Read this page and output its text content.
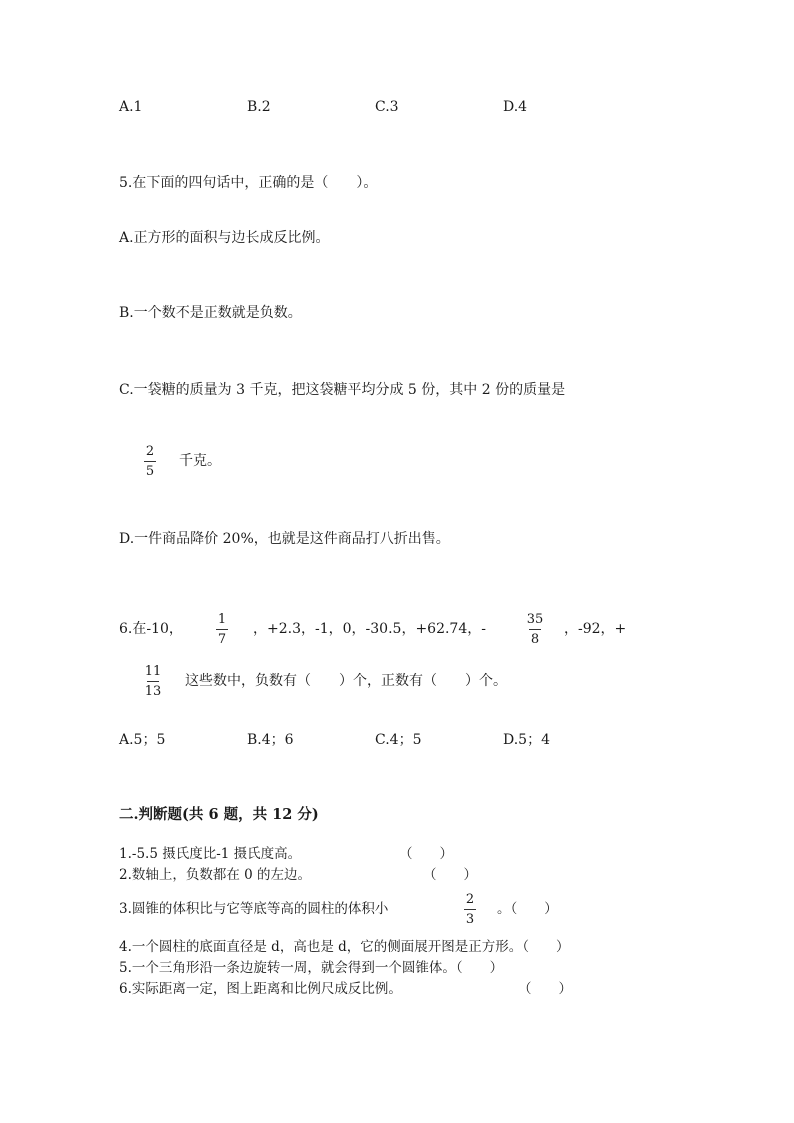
A.1	B.2	C.3	D.4
5.在下面的四句话中，正确的是（　　）。
A.正方形的面积与边长成反比例。
B.一个数不是正数就是负数。
C.一袋糖的质量为 3 千克，把这袋糖平均分成 5 份，其中 2 份的质量是
2
5
千克。
D.一件商品降价 20%，也就是这件商品打八折出售。
6.在-10，
1
7
，+2.3，-1，0，-30.5，+62.74，-
35
8
，-92，+
11
13
这些数中，负数有（　　）个，正数有（　　）个。
A.5；5	B.4；6	C.4；5	D.5；4
二.判断题(共 6 题，共 12 分)
1.-5.5 摄氏度比-1 摄氏度高。	（　　）
2.数轴上，负数都在 0 的左边。	（　　）
3.圆锥的体积比与它等底等高的圆柱的体积小
2
3
。（　　）
4.一个圆柱的底面直径是 d，高也是 d，它的侧面展开图是正方形。（　　）
5.一个三角形沿一条边旋转一周，就会得到一个圆锥体。（　　）
6.实际距离一定，图上距离和比例尺成反比例。	（　　）
